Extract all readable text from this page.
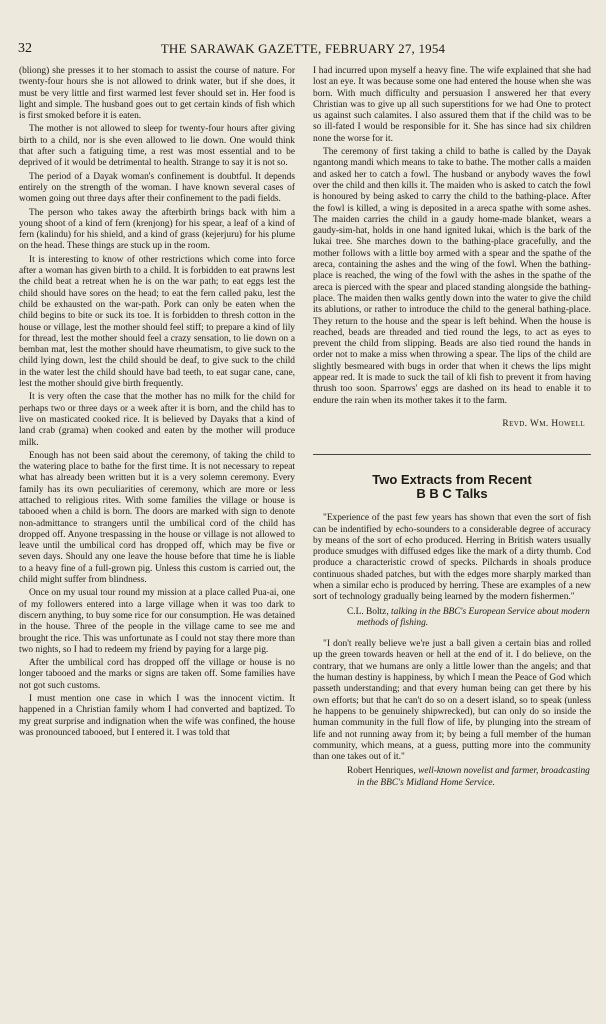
32	THE SARAWAK GAZETTE, FEBRUARY 27, 1954

(bliong) she presses it to her stomach to assist the course of nature. For twenty-four hours she is not allowed to drink water, but if she does, it must be very little and first warmed lest fever should set in. Her food is light and simple. The husband goes out to get certain kinds of fish which is first smoked before it is eaten.

The mother is not allowed to sleep for twenty-four hours after giving birth to a child, nor is she even allowed to lie down. One would think that after such a fatiguing time, a rest was most essential and to be deprived of it would be detrimental to health. Strange to say it is not so.

The period of a Dayak woman's confinement is doubtful. It depends entirely on the strength of the woman. I have known several cases of women going out three days after their confinement to the padi fields.

The person who takes away the afterbirth brings back with him a young shoot of a kind of fern (krenjong) for his spear, a leaf of a kind of fern (kalindu) for his shield, and a kind of grass (kejerjuru) for his plume on the head. These things are stuck up in the room.

It is interesting to know of other restrictions which come into force after a woman has given birth to a child. It is forbidden to eat prawns lest the child beat a retreat when he is on the war path; to eat eggs lest the child should have sores on the head; to eat the fern called paku, lest the child be exhausted on the war-path. Pork can only be eaten when the child begins to bite or suck its toe. It is forbidden to thresh cotton in the house or village, lest the mother should feel stiff; to prepare a kind of lily for thread, lest the mother should feel a crazy sensation, to lie down on a bemban mat, lest the mother should have rheumatism, to give suck to the child lying down, lest the child should be deaf, to give suck to the child in the water lest the child should have bad teeth, to eat sugar cane, cane, lest the mother should give birth frequently.

It is very often the case that the mother has no milk for the child for perhaps two or three days or a week after it is born, and the child has to live on masticated cooked rice. It is believed by Dayaks that a kind of land crab (grama) when cooked and eaten by the mother will produce milk.

Enough has not been said about the ceremony, of taking the child to the watering place to bathe for the first time. It is not necessary to repeat what has already been written but it is a very solemn ceremony. Every family has its own peculiarities of ceremony, which are more or less attached to religious rites. With some families the village or house is tabooed when a child is born. The doors are marked with sign to denote non-admittance to strangers until the umbilical cord of the child has dropped off. Anyone trespassing in the house or village is not allowed to leave until the umbilical cord has dropped off, which may be five or seven days. Should any one leave the house before that time he is liable to a heavy fine of a full-grown pig. Unless this custom is carried out, the child might suffer from blindness.

Once on my usual tour round my mission at a place called Pua-ai, one of my followers entered into a large village when it was too dark to discern anything, to buy some rice for our consumption. He was detained in the house. Three of the people in the village came to see me and brought the rice. This was unfortunate as I could not stay there more than two nights, so I had to redeem my friend by paying for a large pig.

After the umbilical cord has dropped off the village or house is no longer tabooed and the marks or signs are taken off. Some families have not got such customs.

I must mention one case in which I was the innocent victim. It happened in a Christian family whom I had converted and baptized. To my great surprise and indignation when the wife was confined, the house was pronounced tabooed, but I entered it. I was told that

I had incurred upon myself a heavy fine. The wife explained that she had lost an eye. It was because some one had entered the house when she was born. With much difficulty and persuasion I answered her that every Christian was to give up all such superstitions for we had One to protect us against such calamites. I also assured them that if the child was to be so ill-fated I would be responsible for it. She has since had six children none the worse for it.

The ceremony of first taking a child to bathe is called by the Dayak ngantong mandi which means to take to bathe. The mother calls a maiden and asked her to catch a fowl. The husband or anybody waves the fowl over the child and then kills it. The maiden who is asked to catch the fowl is honoured by being asked to carry the child to the bathing-place. After the fowl is killed, a wing is deposited in a areca spathe with some ashes. The maiden carries the child in a gaudy home-made blanket, wears a gaudy-sim-hat, holds in one hand ignited lukai, which is the bark of the lukai tree. She marches down to the bathing-place gracefully, and the mother follows with a little boy armed with a spear and the spathe of the areca, containing the ashes and the wing of the fowl. When the bathing-place is reached, the wing of the fowl with the ashes in the spathe of the areca is pierced with the spear and placed standing alongside the bathing-place. The maiden then walks gently down into the water to give the child its ablutions, or rather to introduce the child to the general bathing-place. They return to the house and the spear is left behind. When the house is reached, beads are threaded and tied round the legs, to act as eyes to prevent the child from slipping. Beads are also tied round the hands in order not to make a miss when throwing a spear. The lips of the child are slightly besmeared with bugs in order that when it chews the lips might appear red. It is made to suck the tail of kli fish to prevent it from having thrush too soon. Sparrows' eggs are dashed on its head to enable it to endure the rain when its mother takes it to the farm.

Revd. Wm. Howell
Two Extracts from Recent
B B C Talks

"Experience of the past few years has shown that even the sort of fish can be indentified by echo-sounders to a considerable degree of accuracy by means of the sort of echo produced. Herring in British waters usually produce smudges with diffused edges like the mark of a dirty thumb. Cod produce a characteristic crowd of specks. Pilchards in shoals produce continuous shaded patches, but with the edges more sharply marked than when a similar echo is produced by herring. These are examples of a new sort of technology gradually being learned by the modern fishermen."

C.L. Boltz, talking in the BBC's European Service about modern methods of fishing.

"I don't really believe we're just a ball given a certain bias and rolled up the green towards heaven or hell at the end of it. I do believe, on the contrary, that we humans are only a little lower than the angels; and that the human destiny is happiness, by which I mean the Peace of God which passeth understanding; and that every human being can get there by his own efforts; but that he can't do so on a desert island, so to speak (unless he happens to be genuinely shipwrecked), but can only do so inside the human community in the full flow of life, by plunging into the stream of life and not running away from it; by being a full member of the human community, which means, at a guess, putting more into the community than one takes out of it."

Robert Henriques, well-known novelist and farmer, broadcasting in the BBC's Midland Home Service.
